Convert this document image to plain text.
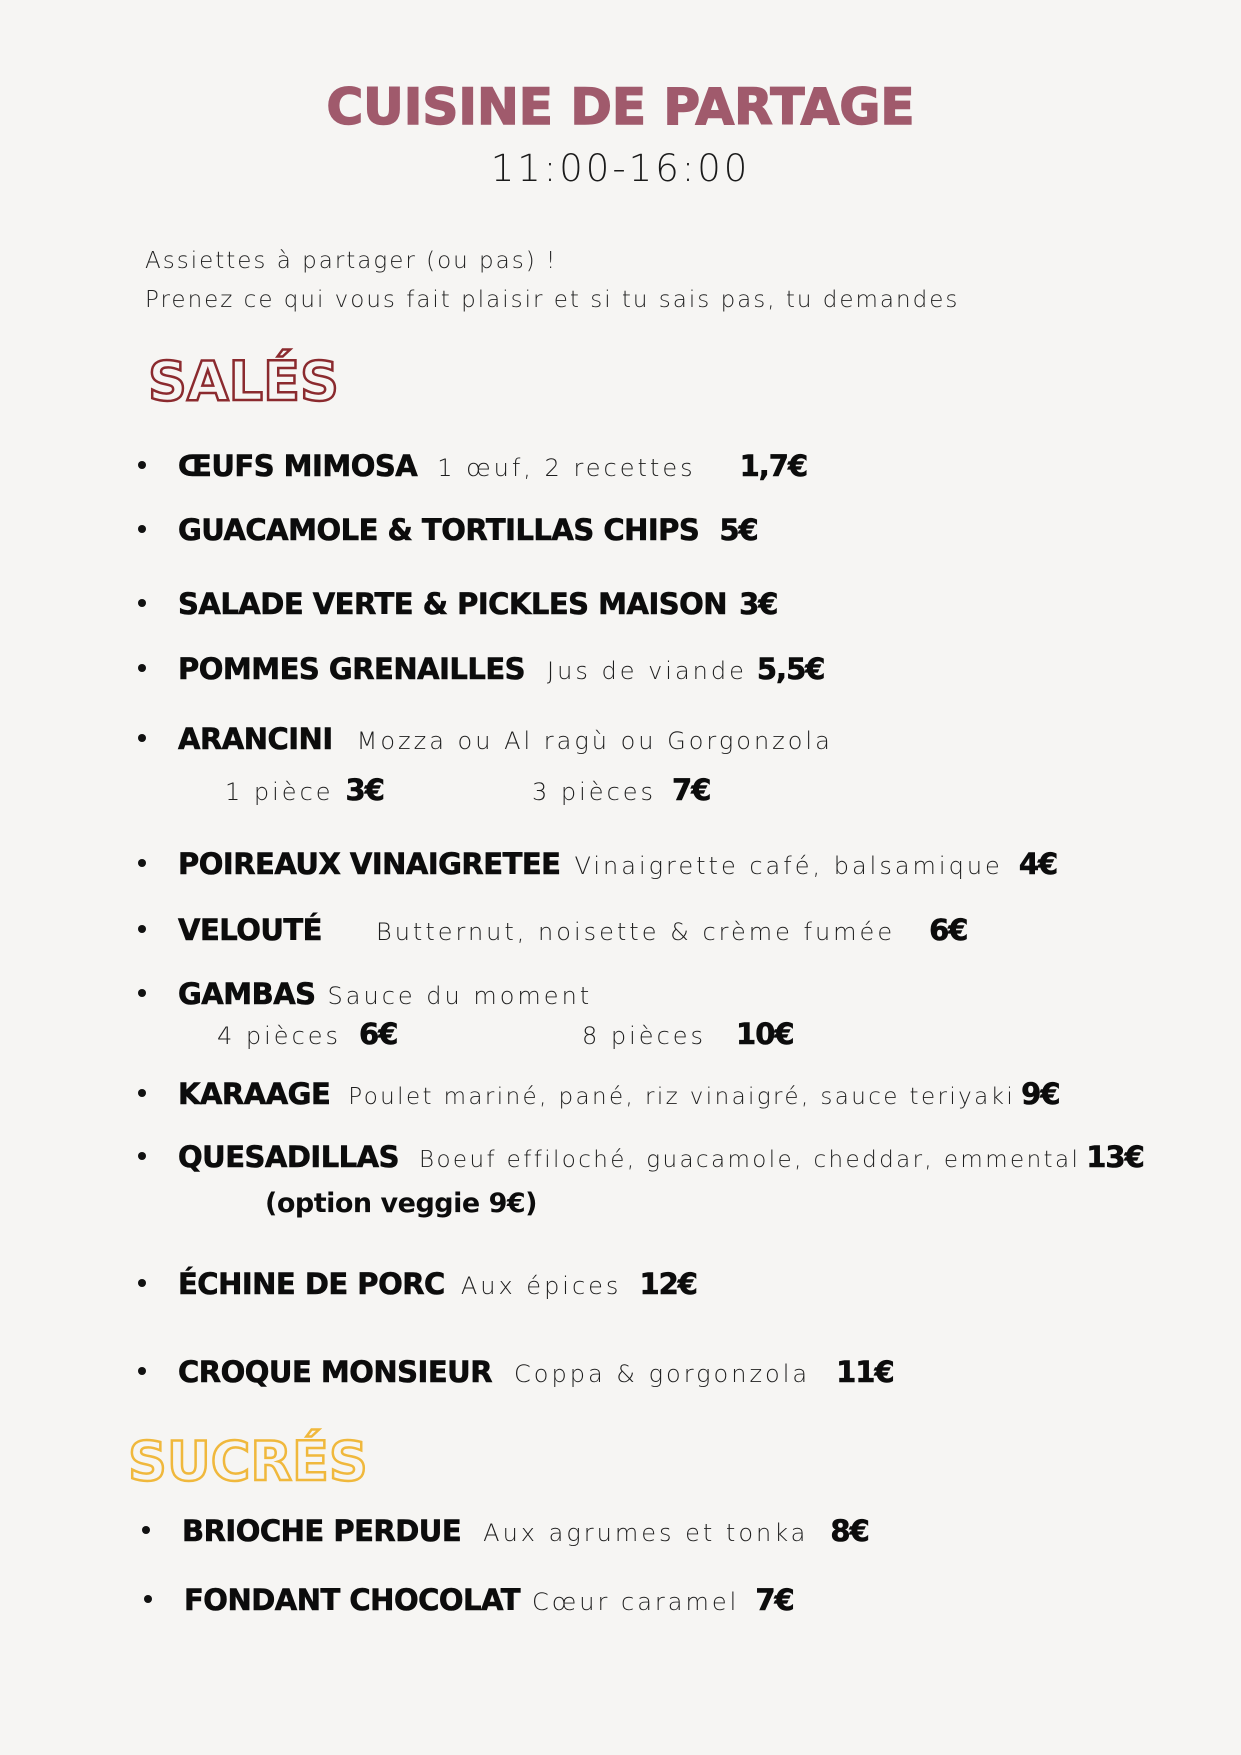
CUISINE DE PARTAGE
11:00-16:00
Assiettes à partager (ou pas) !
Prenez ce qui vous fait plaisir et si tu sais pas, tu demandes
SALÉS
ŒUFS MIMOSA 1 œuf, 2 recettes 1,7€
GUACAMOLE & TORTILLAS CHIPS 5€
SALADE VERTE & PICKLES MAISON 3€
POMMES GRENAILLES Jus de viande 5,5€
ARANCINI Mozza ou Al ragù ou Gorgonzola
1 pièce 3€	3 pièces 7€
POIREAUX VINAIGRETEE Vinaigrette café, balsamique 4€
VELOUTÉ Butternut, noisette & crème fumée 6€
GAMBAS Sauce du moment
4 pièces 6€	8 pièces 10€
KARAAGE Poulet mariné, pané, riz vinaigré, sauce teriyaki 9€
QUESADILLAS Boeuf effiloché, guacamole, cheddar, emmental 13€
(option veggie 9€)
ÉCHINE DE PORC Aux épices 12€
CROQUE MONSIEUR Coppa & gorgonzola 11€
SUCRÉS
BRIOCHE PERDUE Aux agrumes et tonka 8€
FONDANT CHOCOLAT Cœur caramel 7€
